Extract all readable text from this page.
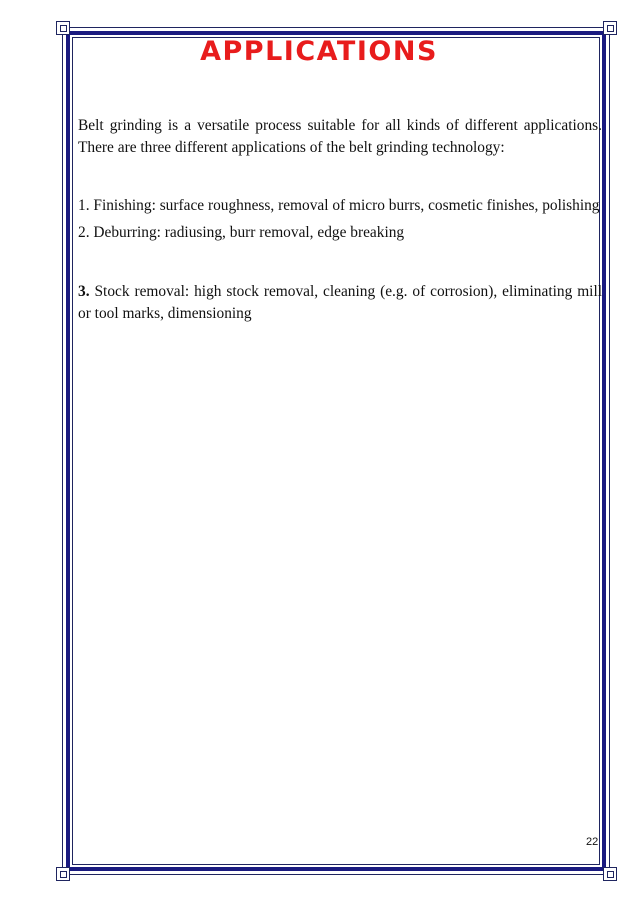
APPLICATIONS

Belt grinding is a versatile process suitable for all kinds of different applications. There are three different applications of the belt grinding technology:

1. Finishing: surface roughness, removal of micro burrs, cosmetic finishes, polishing

2. Deburring: radiusing, burr removal, edge breaking

3. Stock removal: high stock removal, cleaning (e.g. of corrosion), eliminating mill or tool marks, dimensioning

22
